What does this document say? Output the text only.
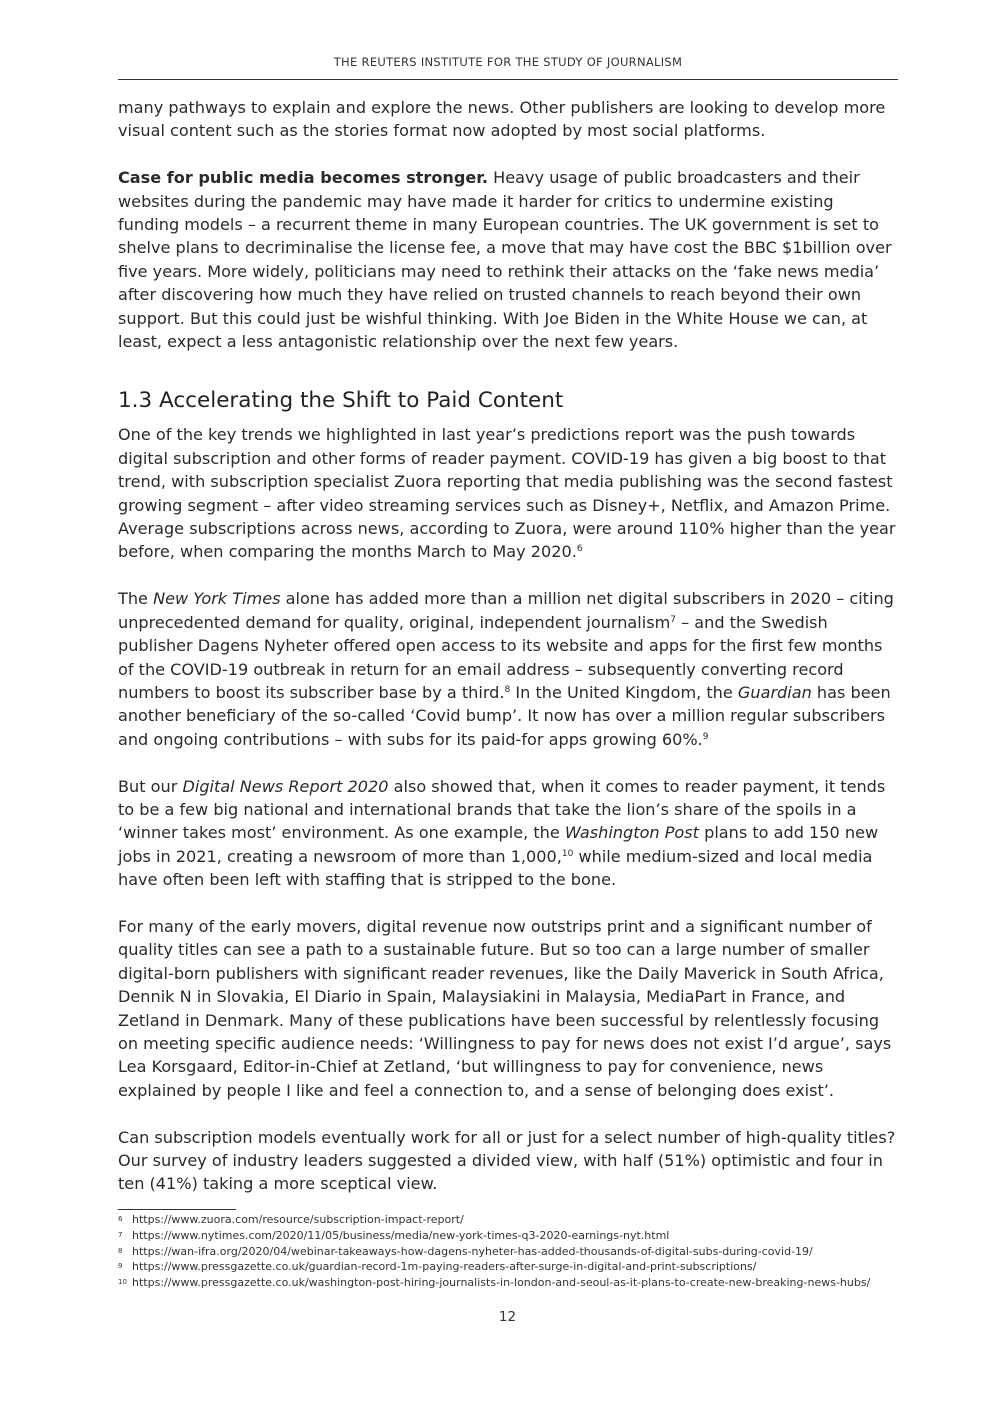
THE REUTERS INSTITUTE FOR THE STUDY OF JOURNALISM

many pathways to explain and explore the news. Other publishers are looking to develop more visual content such as the stories format now adopted by most social platforms.

Case for public media becomes stronger. Heavy usage of public broadcasters and their websites during the pandemic may have made it harder for critics to undermine existing funding models – a recurrent theme in many European countries. The UK government is set to shelve plans to decriminalise the license fee, a move that may have cost the BBC $1billion over five years. More widely, politicians may need to rethink their attacks on the ‘fake news media’ after discovering how much they have relied on trusted channels to reach beyond their own support. But this could just be wishful thinking. With Joe Biden in the White House we can, at least, expect a less antagonistic relationship over the next few years.

1.3 Accelerating the Shift to Paid Content

One of the key trends we highlighted in last year’s predictions report was the push towards digital subscription and other forms of reader payment. COVID-19 has given a big boost to that trend, with subscription specialist Zuora reporting that media publishing was the second fastest growing segment – after video streaming services such as Disney+, Netflix, and Amazon Prime. Average subscriptions across news, according to Zuora, were around 110% higher than the year before, when comparing the months March to May 2020.$^6$

The New York Times alone has added more than a million net digital subscribers in 2020 – citing unprecedented demand for quality, original, independent journalism$^7$ – and the Swedish publisher Dagens Nyheter offered open access to its website and apps for the first few months of the COVID-19 outbreak in return for an email address – subsequently converting record numbers to boost its subscriber base by a third.$^8$ In the United Kingdom, the Guardian has been another beneficiary of the so-called ‘Covid bump’. It now has over a million regular subscribers and ongoing contributions – with subs for its paid-for apps growing 60%.$^9$

But our Digital News Report 2020 also showed that, when it comes to reader payment, it tends to be a few big national and international brands that take the lion’s share of the spoils in a ‘winner takes most’ environment. As one example, the Washington Post plans to add 150 new jobs in 2021, creating a newsroom of more than 1,000,10 while medium-sized and local media have often been left with staffing that is stripped to the bone.

For many of the early movers, digital revenue now outstrips print and a significant number of quality titles can see a path to a sustainable future. But so too can a large number of smaller digital-born publishers with significant reader revenues, like the Daily Maverick in South Africa, Dennik N in Slovakia, El Diario in Spain, Malaysiakini in Malaysia, MediaPart in France, and Zetland in Denmark. Many of these publications have been successful by relentlessly focusing on meeting specific audience needs: ‘Willingness to pay for news does not exist I’d argue’, says Lea Korsgaard, Editor-in-Chief at Zetland, ‘but willingness to pay for convenience, news explained by people I like and feel a connection to, and a sense of belonging does exist’.

Can subscription models eventually work for all or just for a select number of high-quality titles? Our survey of industry leaders suggested a divided view, with half (51%) optimistic and four in ten (41%) taking a more sceptical view.

6 https://www.zuora.com/resource/subscription-impact-report/
7 https://www.nytimes.com/2020/11/05/business/media/new-york-times-q3-2020-earnings-nyt.html
8 https://wan-ifra.org/2020/04/webinar-takeaways-how-dagens-nyheter-has-added-thousands-of-digital-subs-during-covid-19/
9 https://www.pressgazette.co.uk/guardian-record-1m-paying-readers-after-surge-in-digital-and-print-subscriptions/
10 https://www.pressgazette.co.uk/washington-post-hiring-journalists-in-london-and-seoul-as-it-plans-to-create-new-breaking-news-hubs/
12
